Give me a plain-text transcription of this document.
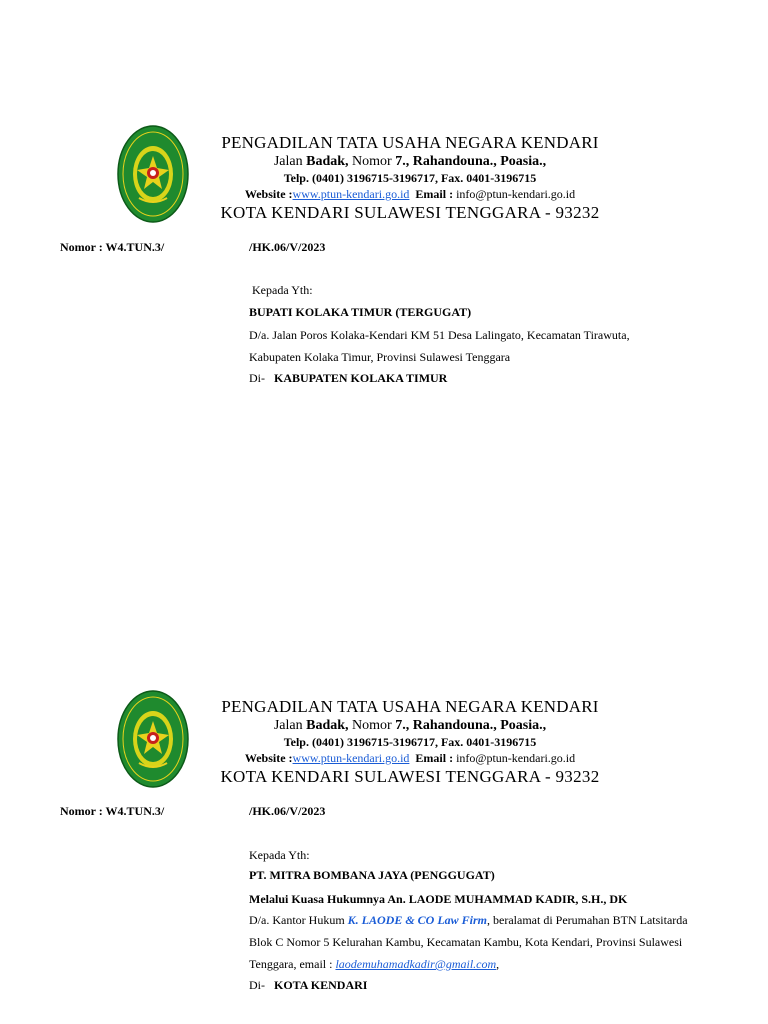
PENGADILAN TATA USAHA NEGARA KENDARI
Jalan Badak, Nomor 7., Rahandouna., Poasia.,
Telp. (0401) 3196715-3196717, Fax. 0401-3196715
Website :www.ptun-kendari.go.id Email : info@ptun-kendari.go.id
KOTA KENDARI SULAWESI TENGGARA - 93232
Nomor : W4.TUN.3/	/HK.06/V/2023
Kepada Yth:
BUPATI KOLAKA TIMUR (TERGUGAT)
D/a. Jalan Poros Kolaka-Kendari KM 51 Desa Lalingato, Kecamatan Tirawuta,
Kabupaten Kolaka Timur, Provinsi Sulawesi Tenggara
Di- KABUPATEN KOLAKA TIMUR
PENGADILAN TATA USAHA NEGARA KENDARI
Jalan Badak, Nomor 7., Rahandouna., Poasia.,
Telp. (0401) 3196715-3196717, Fax. 0401-3196715
Website :www.ptun-kendari.go.id Email : info@ptun-kendari.go.id
KOTA KENDARI SULAWESI TENGGARA - 93232
Nomor : W4.TUN.3/	/HK.06/V/2023
Kepada Yth:
PT. MITRA BOMBANA JAYA (PENGGUGAT)
Melalui Kuasa Hukumnya An. LAODE MUHAMMAD KADIR, S.H., DK
D/a. Kantor Hukum K. LAODE & CO Law Firm, beralamat di Perumahan BTN Latsitarda
Blok C Nomor 5 Kelurahan Kambu, Kecamatan Kambu, Kota Kendari, Provinsi Sulawesi
Tenggara, email : laodemuhamadkadir@gmail.com,
Di- KOTA KENDARI
